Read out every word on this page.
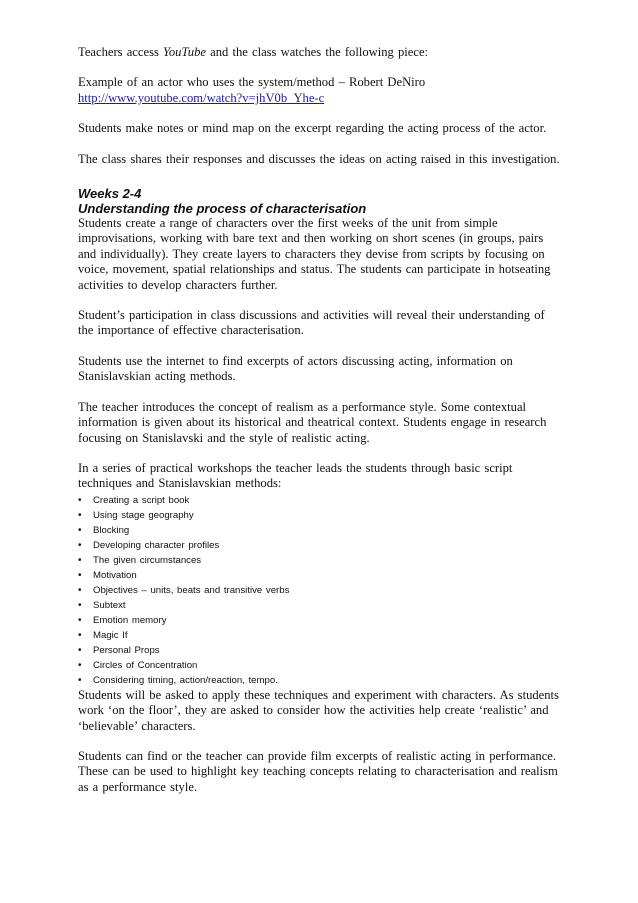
Teachers access YouTube and the class watches the following piece:

Example of an actor who uses the system/method – Robert DeNiro

http://www.youtube.com/watch?v=jhV0b_Yhe-c

Students make notes or mind map on the excerpt regarding the acting process of the actor.

The class shares their responses and discusses the ideas on acting raised in this investigation.

Weeks 2-4

Understanding the process of characterisation

Students create a range of characters over the first weeks of the unit from simple improvisations, working with bare text and then working on short scenes (in groups, pairs and individually). They create layers to characters they devise from scripts by focusing on voice, movement, spatial relationships and status. The students can participate in hotseating activities to develop characters further.

Student’s participation in class discussions and activities will reveal their understanding of the importance of effective characterisation.

Students use the internet to find excerpts of actors discussing acting, information on Stanislavskian acting methods.

The teacher introduces the concept of realism as a performance style. Some contextual information is given about its historical and theatrical context. Students engage in research focusing on Stanislavski and the style of realistic acting.

In a series of practical workshops the teacher leads the students through basic script techniques and Stanislavskian methods:

• Creating a script book
• Using stage geography
• Blocking
• Developing character profiles
• The given circumstances
• Motivation
• Objectives – units, beats and transitive verbs
• Subtext
• Emotion memory
• Magic If
• Personal Props
• Circles of Concentration
• Considering timing, action/reaction, tempo.

Students will be asked to apply these techniques and experiment with characters. As students work ‘on the floor’, they are asked to consider how the activities help create ‘realistic’ and ‘believable’ characters.

Students can find or the teacher can provide film excerpts of realistic acting in performance. These can be used to highlight key teaching concepts relating to characterisation and realism as a performance style.
